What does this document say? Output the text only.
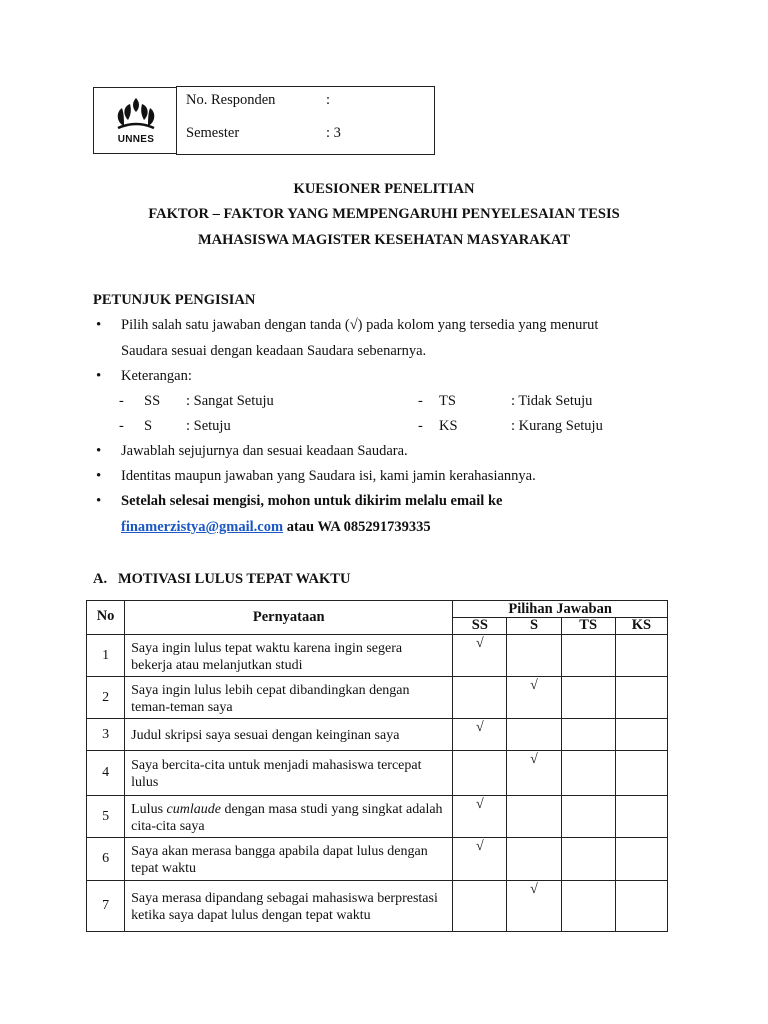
UNNES
No. Responden	:
Semester	: 3
KUESIONER PENELITIAN
FAKTOR – FAKTOR YANG MEMPENGARUHI PENYELESAIAN TESIS
MAHASISWA MAGISTER KESEHATAN MASYARAKAT
PETUNJUK PENGISIAN
• Pilih salah satu jawaban dengan tanda (√) pada kolom yang tersedia yang menurut
Saudara sesuai dengan keadaan Saudara sebenarnya.
• Keterangan:
- SS : Sangat Setuju	- TS	: Tidak Setuju
- S : Setuju	- KS	: Kurang Setuju
• Jawablah sejujurnya dan sesuai keadaan Saudara.
• Identitas maupun jawaban yang Saudara isi, kami jamin kerahasiannya.
• Setelah selesai mengisi, mohon untuk dikirim melalu email ke
finamerzistya@gmail.com atau WA 085291739335
A.   MOTIVASI LULUS TEPAT WAKTU
No	Pernyataan	Pilihan Jawaban			
		SS	S	TS	KS
1	Saya ingin lulus tepat waktu karena ingin segera bekerja atau melanjutkan studi	√			
2	Saya ingin lulus lebih cepat dibandingkan dengan teman-teman saya		√		
3	Judul skripsi saya sesuai dengan keinginan saya	√			
4	Saya bercita-cita untuk menjadi mahasiswa tercepat lulus		√		
5	Lulus cumlaude dengan masa studi yang singkat adalah cita-cita saya	√			
6	Saya akan merasa bangga apabila dapat lulus dengan tepat waktu	√			
7	Saya merasa dipandang sebagai mahasiswa berprestasi ketika saya dapat lulus dengan tepat waktu		√		
